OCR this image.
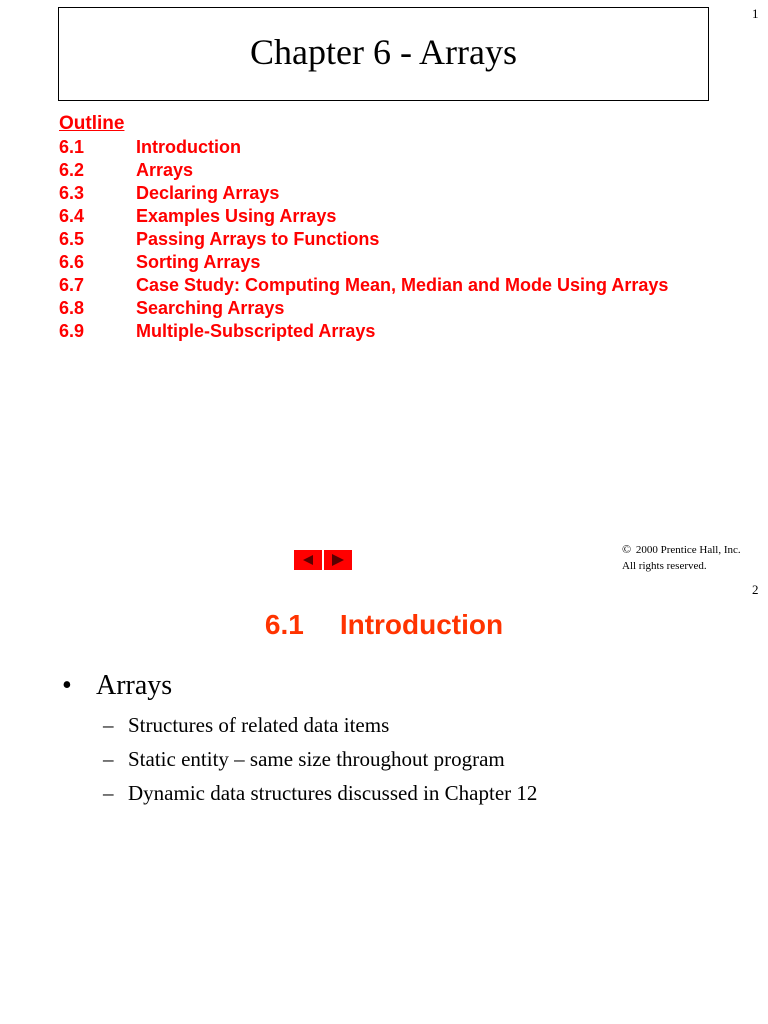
1
Chapter 6 - Arrays
Outline
6.1	Introduction
6.2	Arrays
6.3	Declaring Arrays
6.4	Examples Using Arrays
6.5	Passing Arrays to Functions
6.6	Sorting Arrays
6.7	Case Study: Computing Mean, Median and Mode Using Arrays
6.8	Searching Arrays
6.9	Multiple-Subscripted Arrays
© 2000 Prentice Hall, Inc.
All rights reserved.
2
6.1 Introduction
• Arrays
– Structures of related data items
– Static entity – same size throughout program
– Dynamic data structures discussed in Chapter 12
